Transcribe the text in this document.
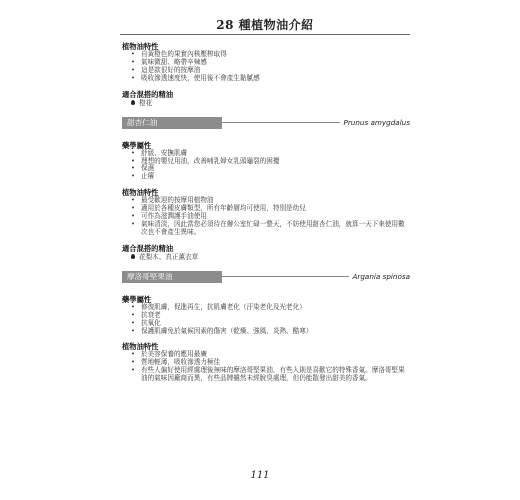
28 種植物油介紹
植物油特性
• 自黃橙色的果實內核壓榨取得
• 氣味微甜、略帶辛辣感
• 這是款很好的按摩油
• 吸收滲透速度快，使用後不會產生黏膩感
適合混搭的精油
橙花
甜杏仁油	Prunus amygdalus
藥學屬性
• 舒緩、安撫肌膚
• 理想的嬰兒用油，改善哺乳婦女乳頭龜裂的困擾
• 保濕
• 止癢
植物油特性
• 最受歡迎的按摩用植物油
• 適用於各種皮膚類型，所有年齡層均可使用，特別是幼兒
• 可作為滋潤護手油使用
• 氣味清淡，因此當您必須待在辦公室忙碌一整天，不妨使用甜杏仁油，就算一天下來使用數次也不會產生異味。
適合混搭的精油
花梨木、真正薰衣草
摩洛哥堅果油	Argania spinosa
藥學屬性
• 修復肌膚，促進再生，抗肌膚老化（汙染老化及光老化）
• 抗衰老
• 抗氧化
• 保護肌膚免於氣候因素的傷害（乾燥、強風、炎熱、酷寒）
植物油特性
• 於美容保養的應用最廣
• 質地輕薄，吸收滲透力極佳
• 有些人偏好使用經處理後無味的摩洛哥堅果油，有些人則是喜歡它的特殊香氣。摩洛哥堅果油的氣味因廠商而異，有些品牌雖然未經脫臭處理，但仍能散發出甜美的香氣。
111
